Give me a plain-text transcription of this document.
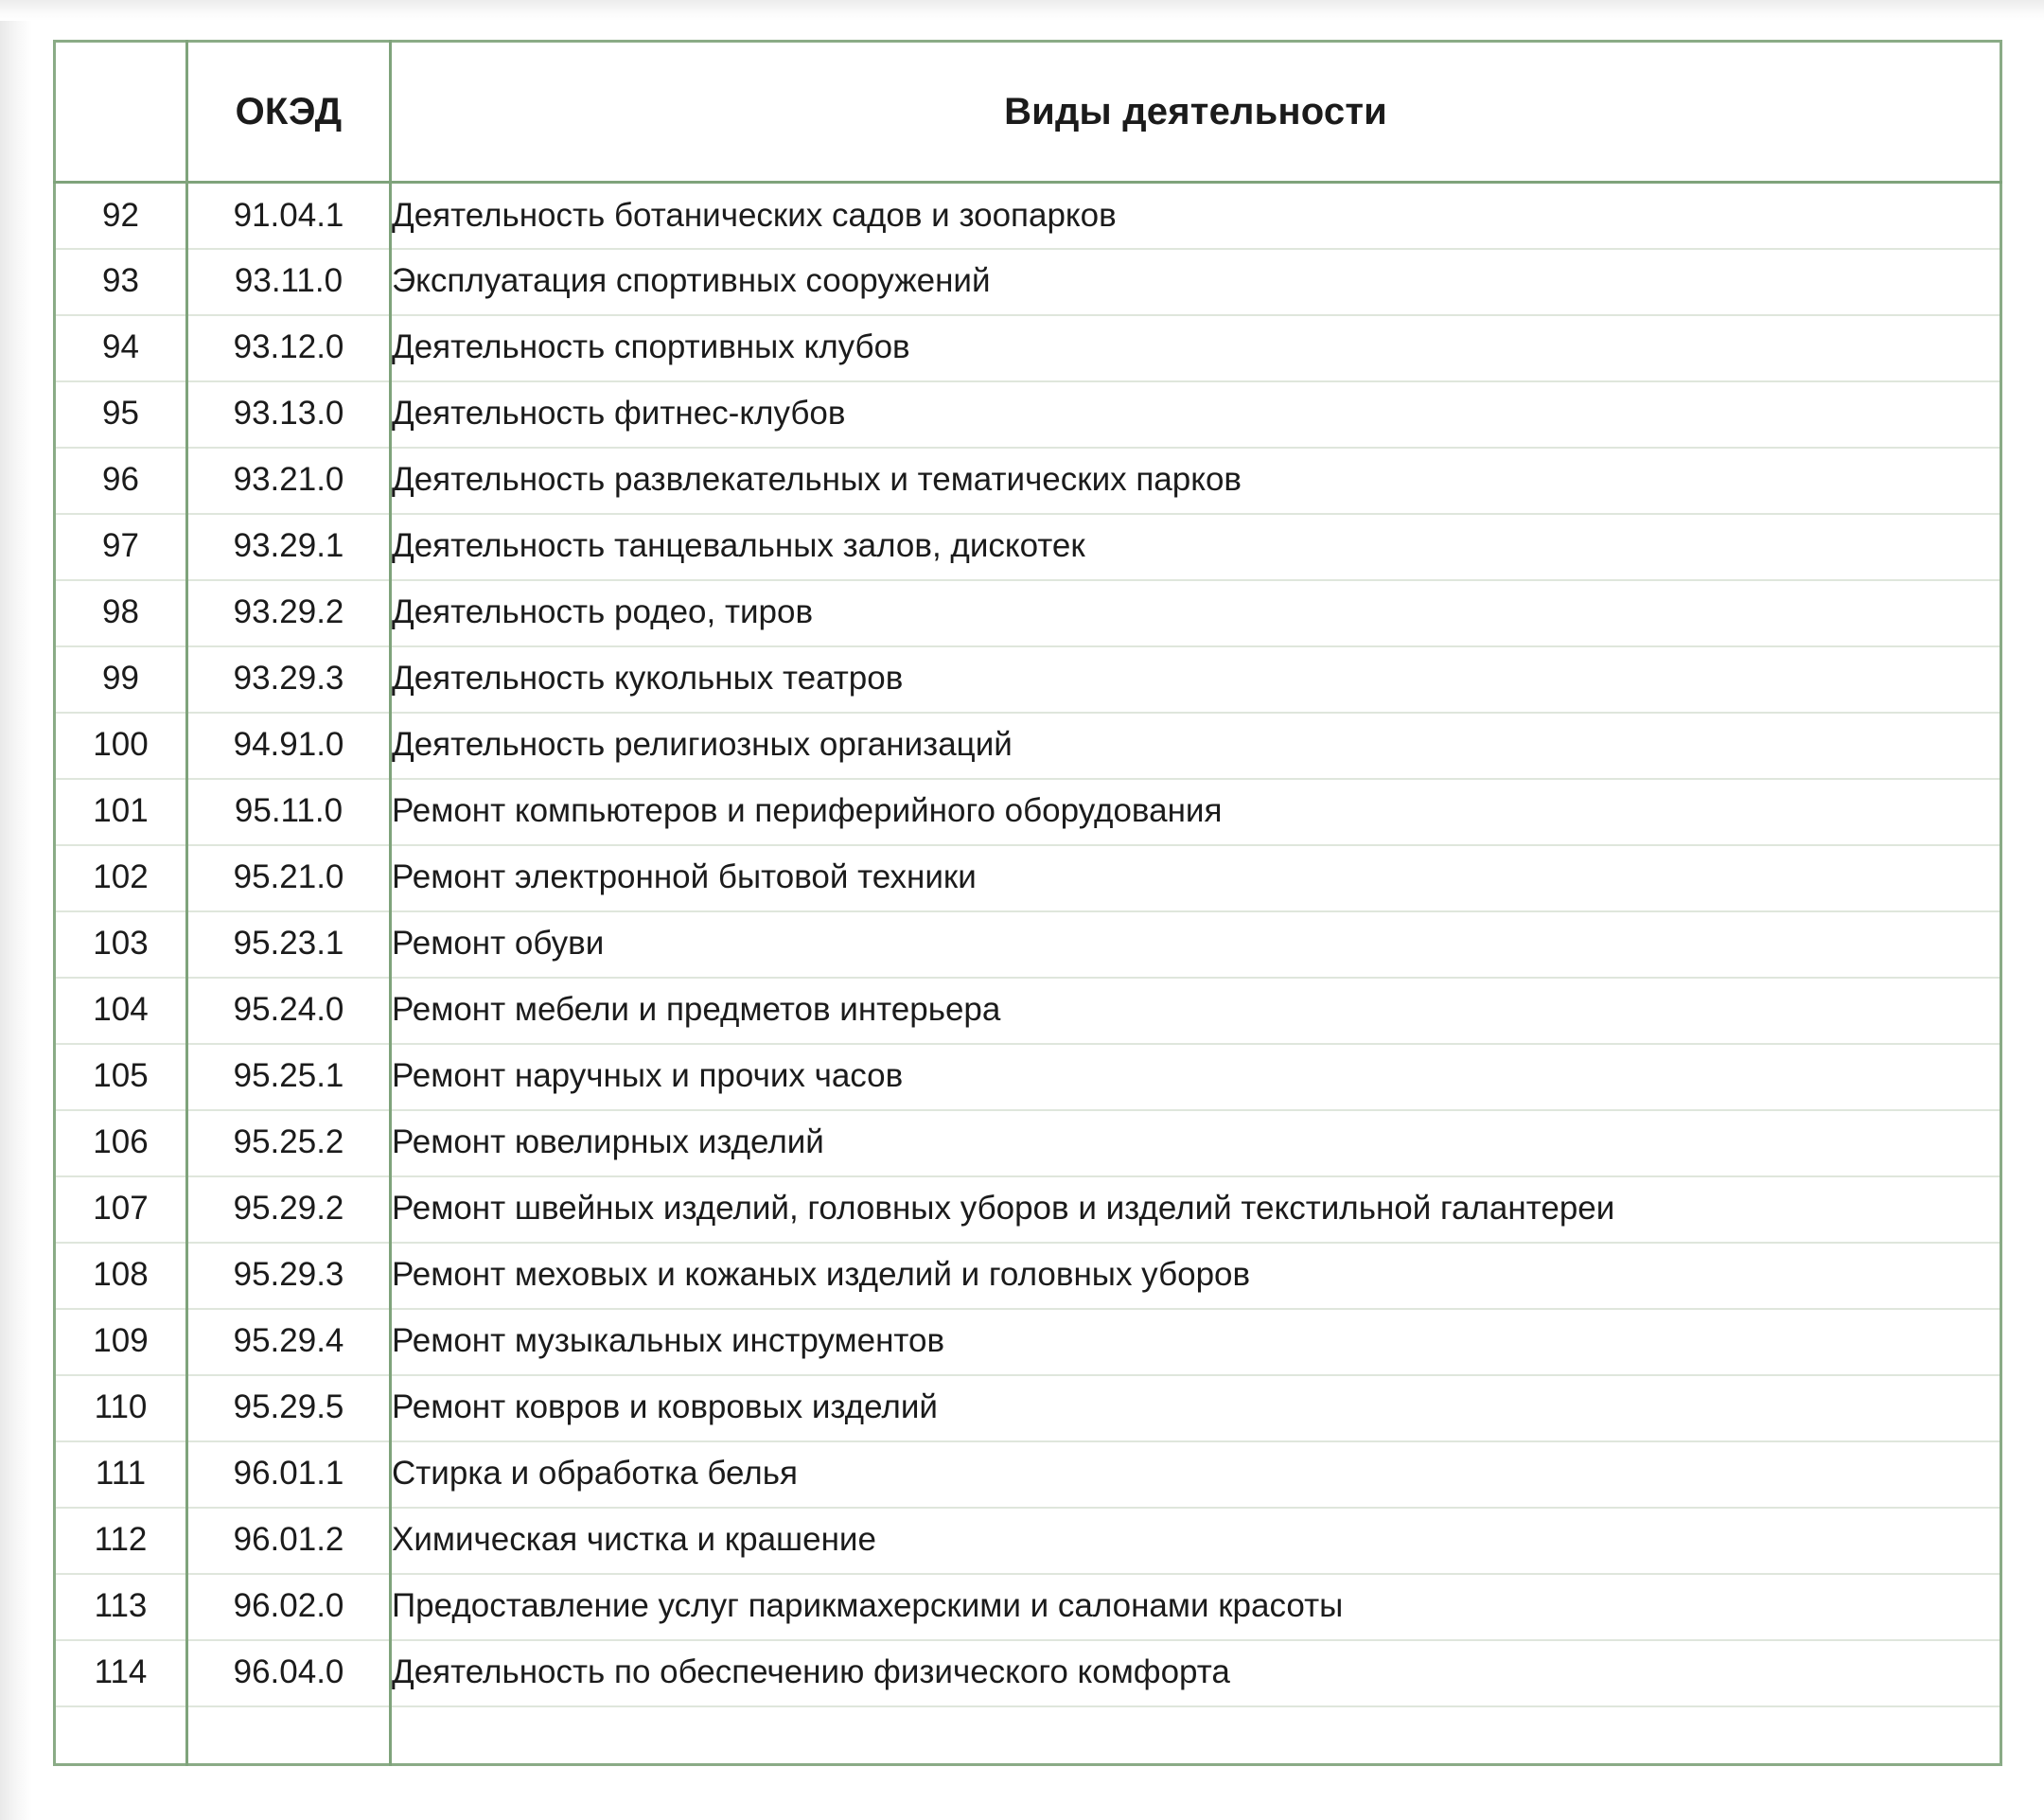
	ОКЭД	Виды деятельности
92	91.04.1	Деятельность ботанических садов и зоопарков
93	93.11.0	Эксплуатация спортивных сооружений
94	93.12.0	Деятельность спортивных клубов
95	93.13.0	Деятельность фитнес-клубов
96	93.21.0	Деятельность развлекательных и тематических парков
97	93.29.1	Деятельность танцевальных залов, дискотек
98	93.29.2	Деятельность родео, тиров
99	93.29.3	Деятельность кукольных театров
100	94.91.0	Деятельность религиозных организаций
101	95.11.0	Ремонт компьютеров и периферийного оборудования
102	95.21.0	Ремонт электронной бытовой техники
103	95.23.1	Ремонт обуви
104	95.24.0	Ремонт мебели и предметов интерьера
105	95.25.1	Ремонт наручных и прочих часов
106	95.25.2	Ремонт ювелирных изделий
107	95.29.2	Ремонт швейных изделий, головных уборов и изделий текстильной галантереи
108	95.29.3	Ремонт меховых и кожаных изделий и головных уборов
109	95.29.4	Ремонт музыкальных инструментов
110	95.29.5	Ремонт ковров и ковровых изделий
111	96.01.1	Стирка и обработка белья
112	96.01.2	Химическая чистка и крашение
113	96.02.0	Предоставление услуг парикмахерскими и салонами красоты
114	96.04.0	Деятельность по обеспечению физического комфорта
